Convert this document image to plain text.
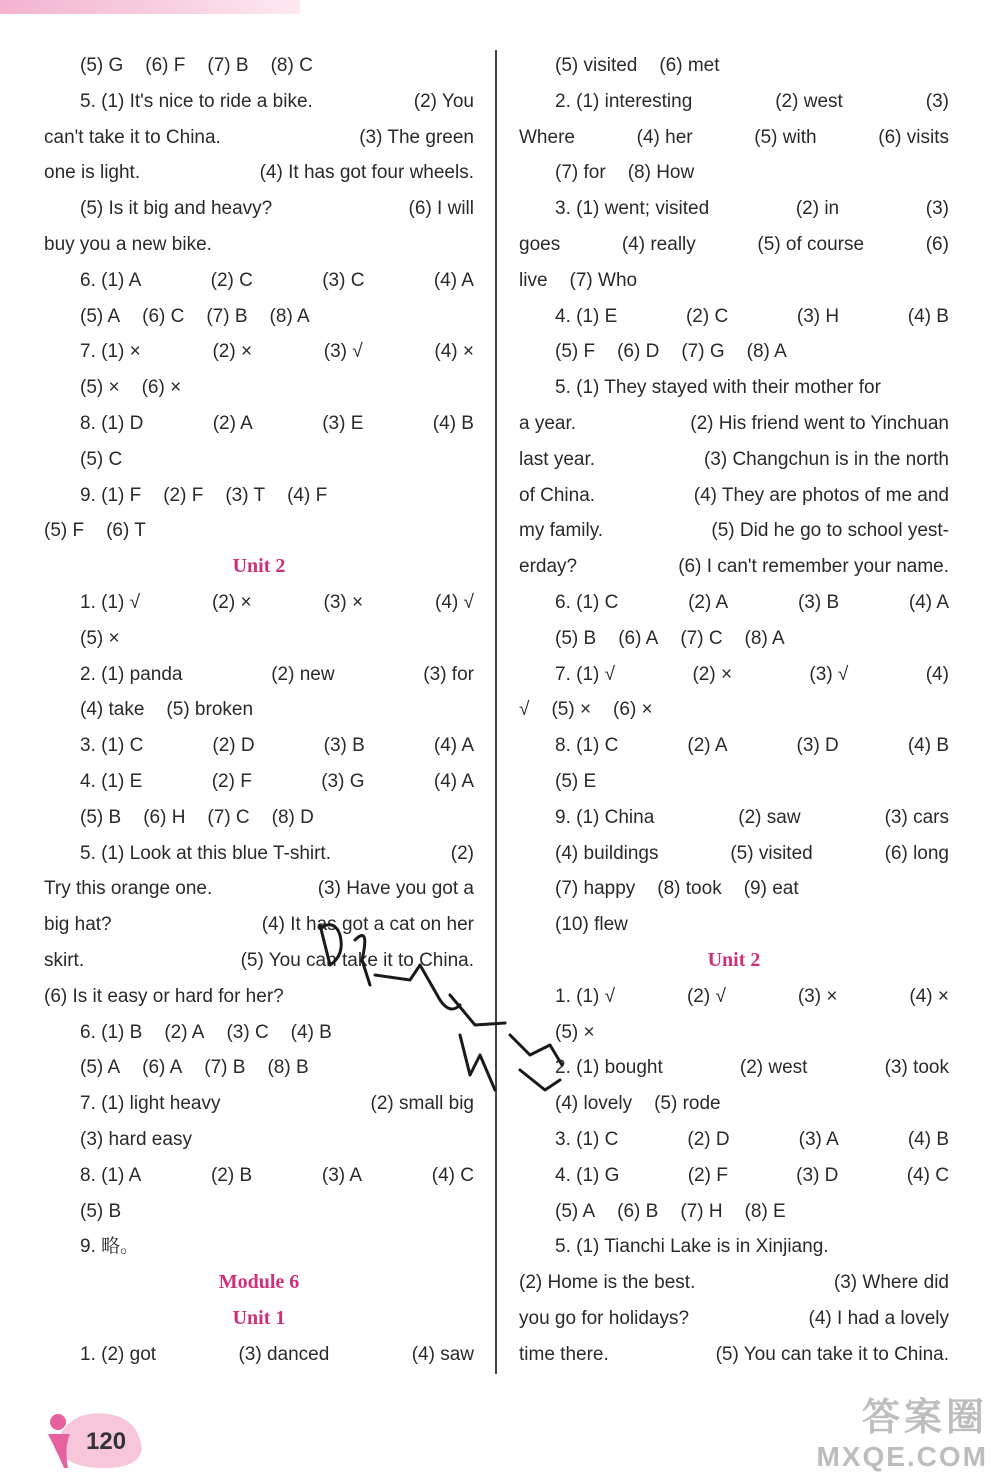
(5) G (6) F (7) B (8) C
5. (1) It's nice to ride a bike.	(2) You
can't take it to China.	(3) The green
one is light.	(4) It has got four wheels.
(5) Is it big and heavy?	(6) I will
buy you a new bike.
6. (1) A	(2) C	(3) C	(4) A
(5) A (6) C (7) B (8) A
7. (1) ×	(2) ×	(3) √	(4) ×
(5) × (6) ×
8. (1) D	(2) A	(3) E	(4) B
(5) C
9. (1) F (2) F (3) T (4) F
(5) F (6) T
Unit 2
1. (1) √	(2) ×	(3) ×	(4) √
(5) ×
2. (1) panda	(2) new	(3) for
(4) take (5) broken
3. (1) C	(2) D	(3) B	(4) A
4. (1) E	(2) F	(3) G	(4) A
(5) B (6) H (7) C (8) D
5. (1) Look at this blue T-shirt.	(2)
Try this orange one.	(3) Have you got a
big hat?	(4) It has got a cat on her
skirt.	(5) You can take it to China.
(6) Is it easy or hard for her?
6. (1) B (2) A (3) C (4) B
(5) A (6) A (7) B (8) B
7. (1) light heavy	(2) small big
(3) hard easy
8. (1) A	(2) B	(3) A	(4) C
(5) B
9. 略。
Module 6
Unit 1
1. (2) got	(3) danced	(4) saw
(5) visited (6) met
2. (1) interesting	(2) west	(3)
Where	(4) her	(5) with	(6) visits
(7) for (8) How
3. (1) went; visited	(2) in	(3)
goes	(4) really	(5) of course	(6)
live (7) Who
4. (1) E	(2) C	(3) H	(4) B
(5) F (6) D (7) G (8) A
5. (1) They stayed with their mother for
a year.	(2) His friend went to Yinchuan
last year.	(3) Changchun is in the north
of China.	(4) They are photos of me and
my family.	(5) Did he go to school yest-
erday?	(6) I can't remember your name.
6. (1) C	(2) A	(3) B	(4) A
(5) B (6) A (7) C (8) A
7. (1) √	(2) ×	(3) √	(4)
√ (5) × (6) ×
8. (1) C	(2) A	(3) D	(4) B
(5) E
9. (1) China	(2) saw	(3) cars
(4) buildings	(5) visited	(6) long
(7) happy (8) took (9) eat
(10) flew
Unit 2
1. (1) √	(2) √	(3) ×	(4) ×
(5) ×
2. (1) bought	(2) west	(3) took
(4) lovely (5) rode
3. (1) C	(2) D	(3) A	(4) B
4. (1) G	(2) F	(3) D	(4) C
(5) A (6) B (7) H (8) E
5. (1) Tianchi Lake is in Xinjiang.
(2) Home is the best.	(3) Where did
you go for holidays?	(4) I had a lovely
time there.	(5) You can take it to China.
120
答案圈
MXQE.COM
